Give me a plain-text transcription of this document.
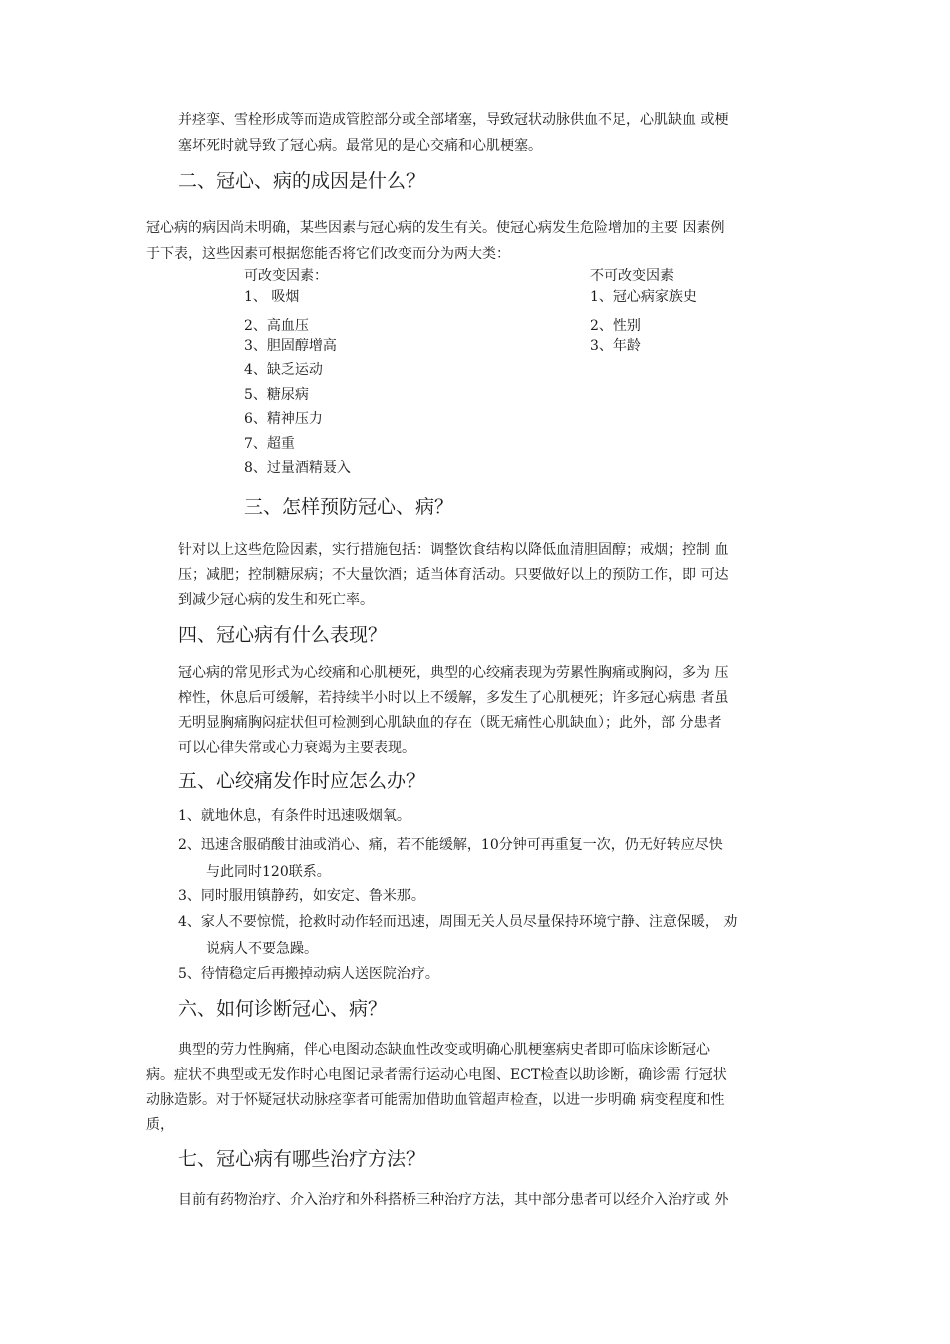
并痉挛、雪栓形成等而造成管腔部分或全部堵塞，导致冠状动脉供血不足，心肌缺血 或梗
塞坏死时就导致了冠心病。最常见的是心交痛和心肌梗塞。
二、冠心、病的成因是什么？
冠心病的病因尚未明确，某些因素与冠心病的发生有关。使冠心病发生危险增加的主要 因素例
于下表，这些因素可根据您能否将它们改变而分为两大类：
可改变因素：
1、 吸烟
2、高血压
3、胆固醇增高
4、缺乏运动
5、糖尿病
6、精神压力
7、超重
8、过量酒精聂入
不可改变因素
1、冠心病家族史
2、性别
3、年龄
三、怎样预防冠心、病？
针对以上这些危险因素，实行措施包括：调整饮食结构以降低血清胆固醇；戒烟；控制 血
压；减肥；控制糖尿病；不大量饮酒；适当体育活动。只要做好以上的预防工作，即 可达
到减少冠心病的发生和死亡率。
四、冠心病有什么表现？
冠心病的常见形式为心绞痛和心肌梗死，典型的心绞痛表现为劳累性胸痛或胸闷，多为 压
榨性，休息后可缓解，若持续半小时以上不缓解，多发生了心肌梗死；许多冠心病患 者虽
无明显胸痛胸闷症状但可检测到心肌缺血的存在（既无痛性心肌缺血）；此外，部 分患者
可以心律失常或心力衰竭为主要表现。
五、心绞痛发作时应怎么办？
1、就地休息，有条件时迅速吸烟氧。
2、迅速含服硝酸甘油或消心、痛，若不能缓解，10分钟可再重复一次，仍无好转应尽快
与此同时120联系。
3、同时服用镇静药，如安定、鲁米那。
4、家人不要惊慌，抢救时动作轻而迅速，周围无关人员尽量保持环境宁静、注意保暖， 劝
说病人不要急躁。
5、待情稳定后再搬掉动病人送医院治疗。
六、如何诊断冠心、病？
典型的劳力性胸痛，伴心电图动态缺血性改变或明确心肌梗塞病史者即可临床诊断冠心
病。症状不典型或无发作时心电图记录者需行运动心电图、ECT检查以助诊断，确诊需 行冠状
动脉造影。对于怀疑冠状动脉痉挛者可能需加借助血管超声检查，以进一步明确 病变程度和性
质，
七、冠心病有哪些治疗方法？
目前有药物治疗、介入治疗和外科搭桥三种治疗方法，其中部分患者可以经介入治疗或 外
